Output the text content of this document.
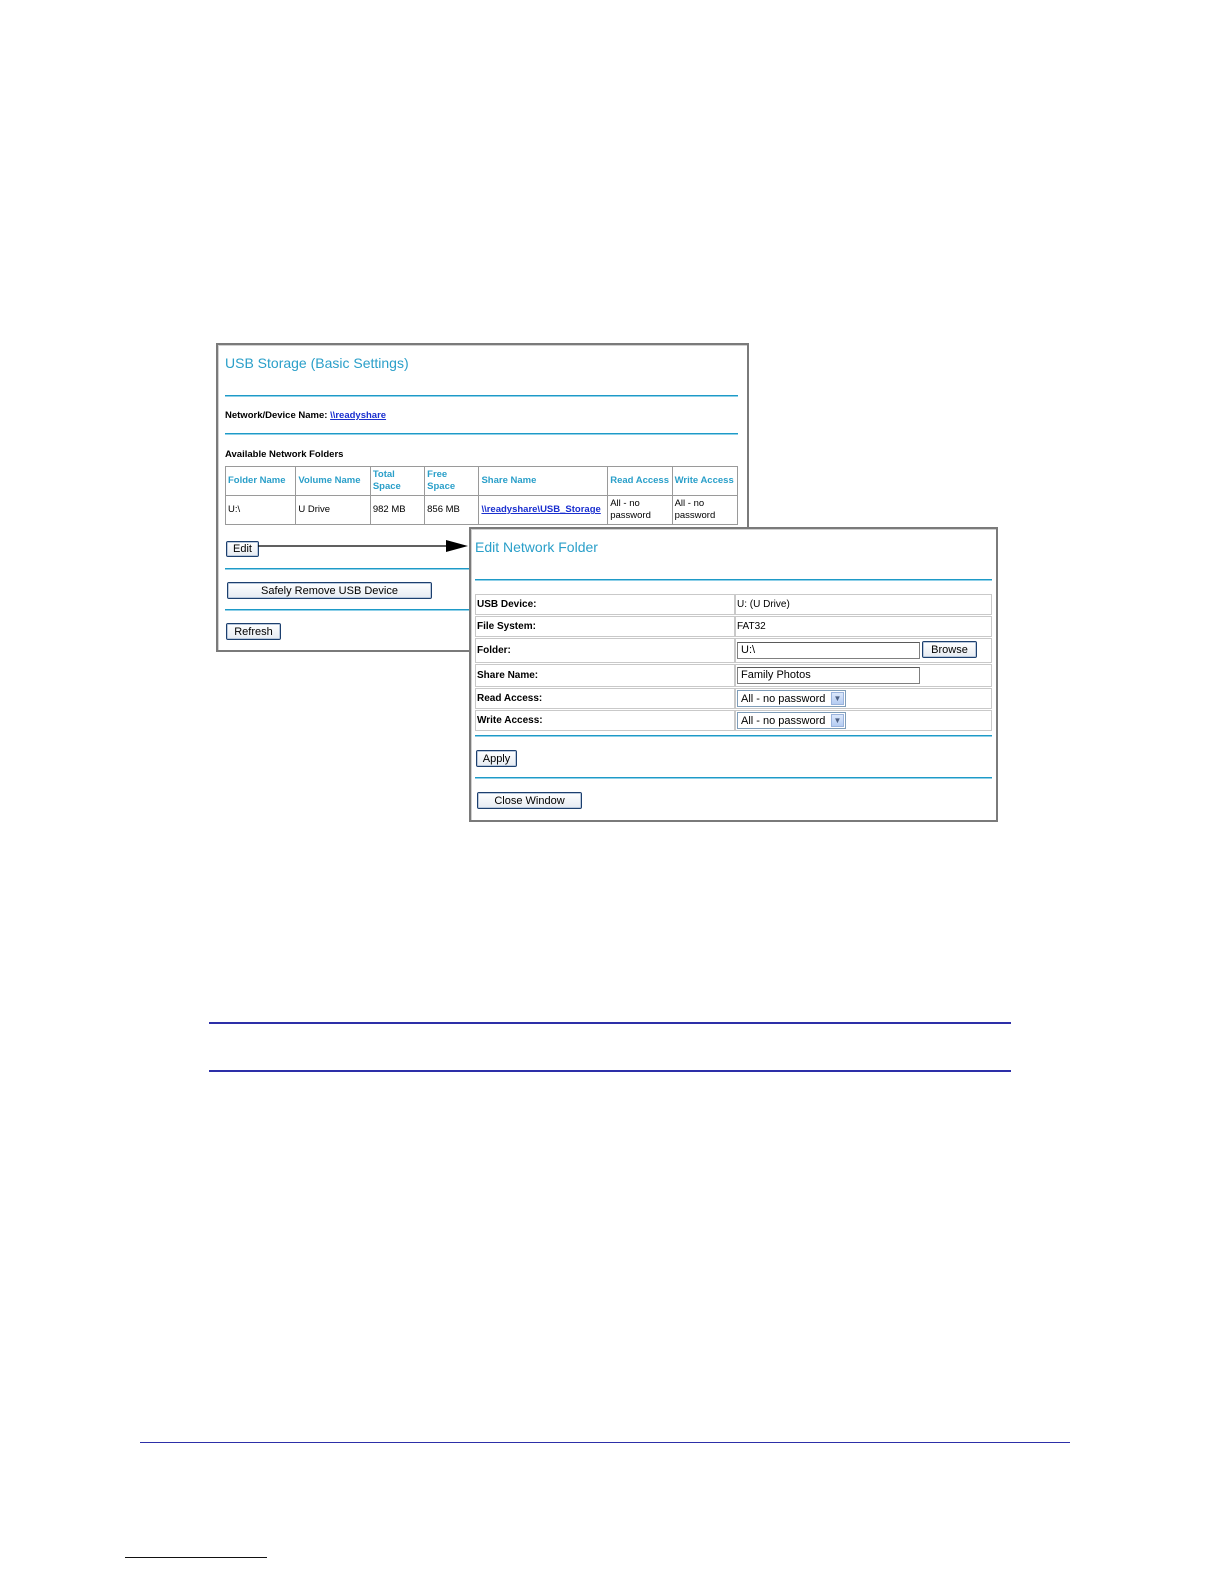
USB Storage (Basic Settings)
Network/Device Name: \\readyshare
Available Network Folders
Folder Name	Volume Name	Total Space	Free Space	Share Name	Read Access	Write Access
U:\	U Drive	982 MB	856 MB	\\readyshare\USB_Storage	All - no password	All - no password
Edit
Safely Remove USB Device
Refresh
Edit Network Folder
USB Device:	U: (U Drive)
File System:	FAT32
Folder:	U:\ Browse

Share Name:	Family Photos
Read Access:	All - no password ▼

Write Access:	All - no password ▼
Apply
Close Window
